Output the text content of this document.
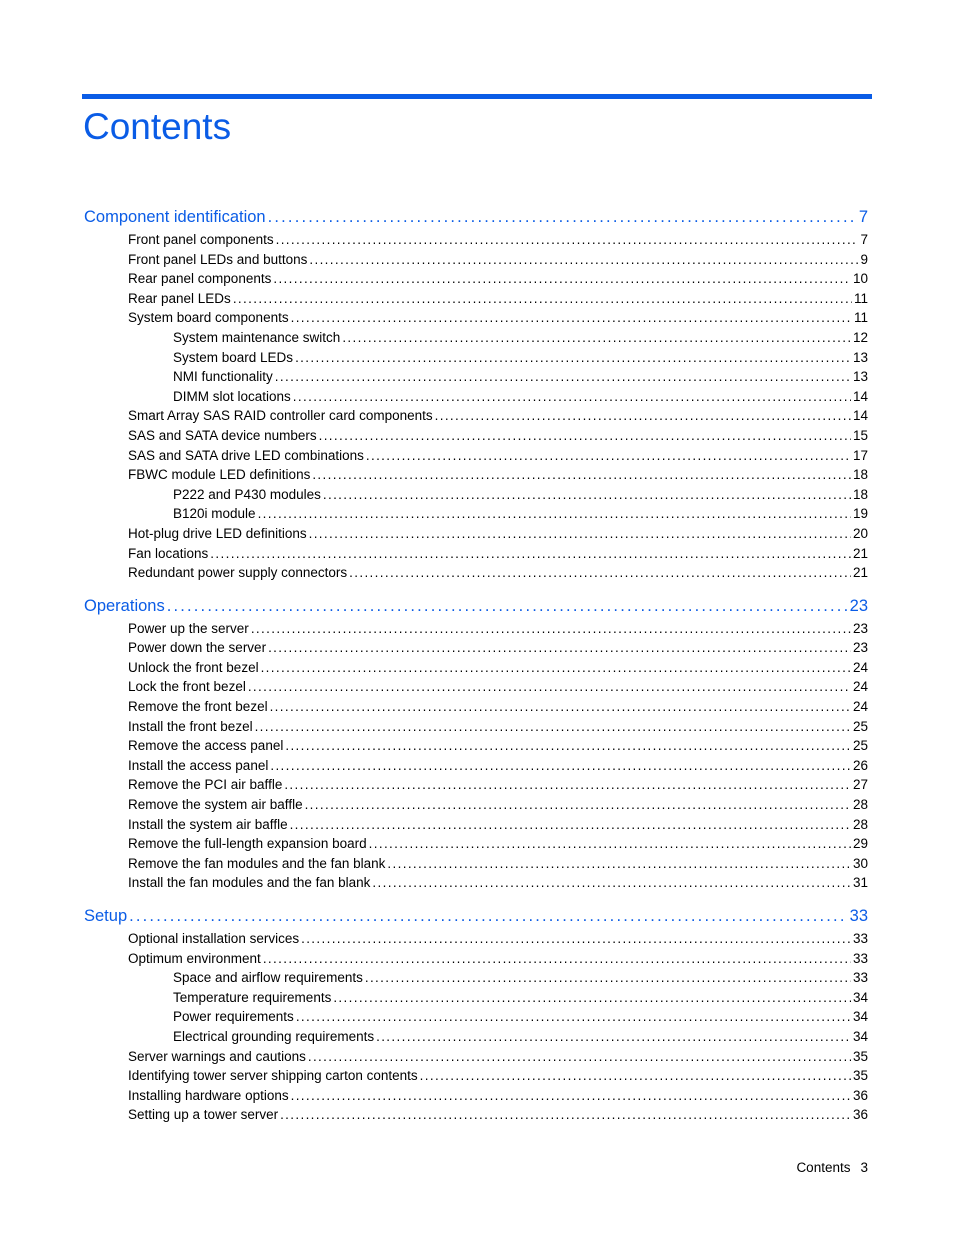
Contents
Component identification . . .	7
Front panel components . . .	7
Front panel LEDs and buttons . . .	9
Rear panel components . . .	10
Rear panel LEDs . . .	11
System board components . . .	11
System maintenance switch . . .	12
System board LEDs . . .	13
NMI functionality . . .	13
DIMM slot locations . . .	14
Smart Array SAS RAID controller card components . . .	14
SAS and SATA device numbers . . .	15
SAS and SATA drive LED combinations . . .	17
FBWC module LED definitions . . .	18
P222 and P430 modules . . .	18
B120i module . . .	19
Hot-plug drive LED definitions . . .	20
Fan locations . . .	21
Redundant power supply connectors . . .	21
Operations . . .	23
Power up the server . . .	23
Power down the server . . .	23
Unlock the front bezel . . .	24
Lock the front bezel . . .	24
Remove the front bezel . . .	24
Install the front bezel . . .	25
Remove the access panel . . .	25
Install the access panel . . .	26
Remove the PCI air baffle . . .	27
Remove the system air baffle . . .	28
Install the system air baffle . . .	28
Remove the full-length expansion board . . .	29
Remove the fan modules and the fan blank . . .	30
Install the fan modules and the fan blank . . .	31
Setup . . .	33
Optional installation services . . .	33
Optimum environment . . .	33
Space and airflow requirements . . .	33
Temperature requirements . . .	34
Power requirements . . .	34
Electrical grounding requirements . . .	34
Server warnings and cautions . . .	35
Identifying tower server shipping carton contents . . .	35
Installing hardware options . . .	36
Setting up a tower server . . .	36
Contents 3
